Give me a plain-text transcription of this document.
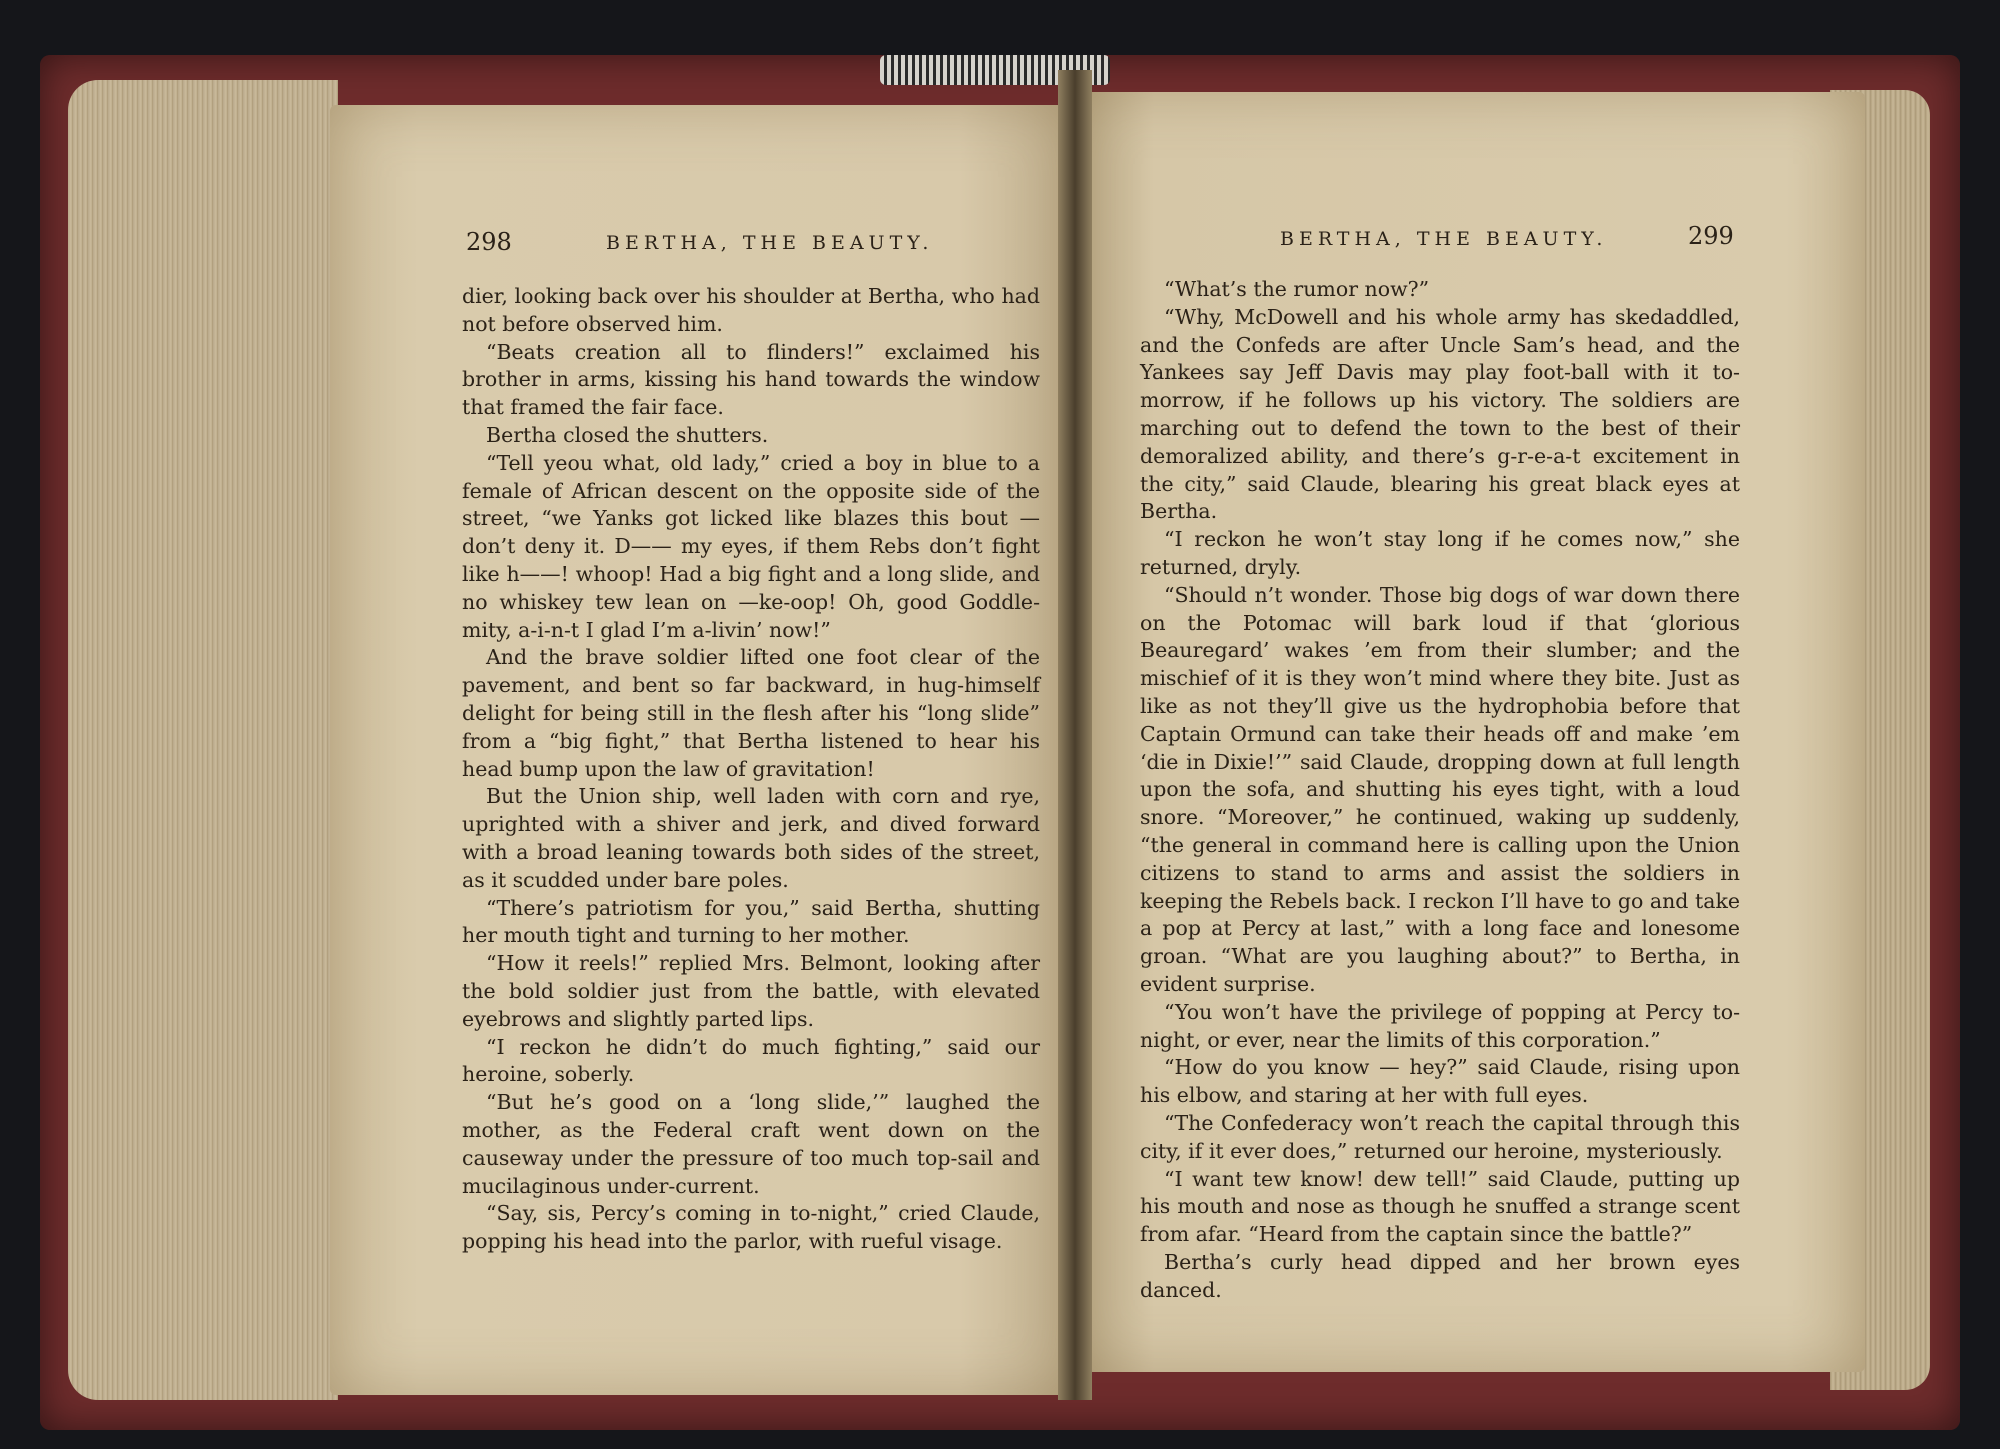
298	BERTHA, THE BEAUTY.	BERTHA, THE BEAUTY.	299

dier, looking back over his shoulder at Bertha, who had not before observed him.

“Beats creation all to flinders!” exclaimed his brother in arms, kissing his hand towards the window that framed the fair face.

Bertha closed the shutters.

“Tell yeou what, old lady,” cried a boy in blue to a female of African descent on the opposite side of the street, “we Yanks got licked like blazes this bout — don’t deny it. D—— my eyes, if them Rebs don’t fight like h——! whoop! Had a big fight and a long slide, and no whiskey tew lean on —ke-oop! Oh, good Goddle-mity, a-i-n-t I glad I’m a-livin’ now!”

And the brave soldier lifted one foot clear of the pavement, and bent so far backward, in hug-himself delight for being still in the flesh after his “long slide” from a “big fight,” that Bertha listened to hear his head bump upon the law of gravitation!

But the Union ship, well laden with corn and rye, uprighted with a shiver and jerk, and dived forward with a broad leaning towards both sides of the street, as it scudded under bare poles.

“There’s patriotism for you,” said Bertha, shutting her mouth tight and turning to her mother.

“How it reels!” replied Mrs. Belmont, looking after the bold soldier just from the battle, with elevated eyebrows and slightly parted lips.

“I reckon he didn’t do much fighting,” said our heroine, soberly.

“But he’s good on a ‘long slide,’” laughed the mother, as the Federal craft went down on the causeway under the pressure of too much top-sail and mucilaginous under-current.

“Say, sis, Percy’s coming in to-night,” cried Claude, popping his head into the parlor, with rueful visage.

“What’s the rumor now?”

“Why, McDowell and his whole army has skedaddled, and the Confeds are after Uncle Sam’s head, and the Yankees say Jeff Davis may play foot-ball with it to-morrow, if he follows up his victory. The soldiers are marching out to defend the town to the best of their demoralized ability, and there’s g-r-e-a-t excitement in the city,” said Claude, blearing his great black eyes at Bertha.

“I reckon he won’t stay long if he comes now,” she returned, dryly.

“Should n’t wonder. Those big dogs of war down there on the Potomac will bark loud if that ‘glorious Beauregard’ wakes ’em from their slumber; and the mischief of it is they won’t mind where they bite. Just as like as not they’ll give us the hydrophobia before that Captain Ormund can take their heads off and make ’em ‘die in Dixie!’” said Claude, dropping down at full length upon the sofa, and shutting his eyes tight, with a loud snore. “Moreover,” he continued, waking up suddenly, “the general in command here is calling upon the Union citizens to stand to arms and assist the soldiers in keeping the Rebels back. I reckon I’ll have to go and take a pop at Percy at last,” with a long face and lonesome groan. “What are you laughing about?” to Bertha, in evident surprise.

“You won’t have the privilege of popping at Percy to-night, or ever, near the limits of this corporation.”

“How do you know — hey?” said Claude, rising upon his elbow, and staring at her with full eyes.

“The Confederacy won’t reach the capital through this city, if it ever does,” returned our heroine, mysteriously.

“I want tew know! dew tell!” said Claude, putting up his mouth and nose as though he snuffed a strange scent from afar. “Heard from the captain since the battle?”

Bertha’s curly head dipped and her brown eyes danced.
